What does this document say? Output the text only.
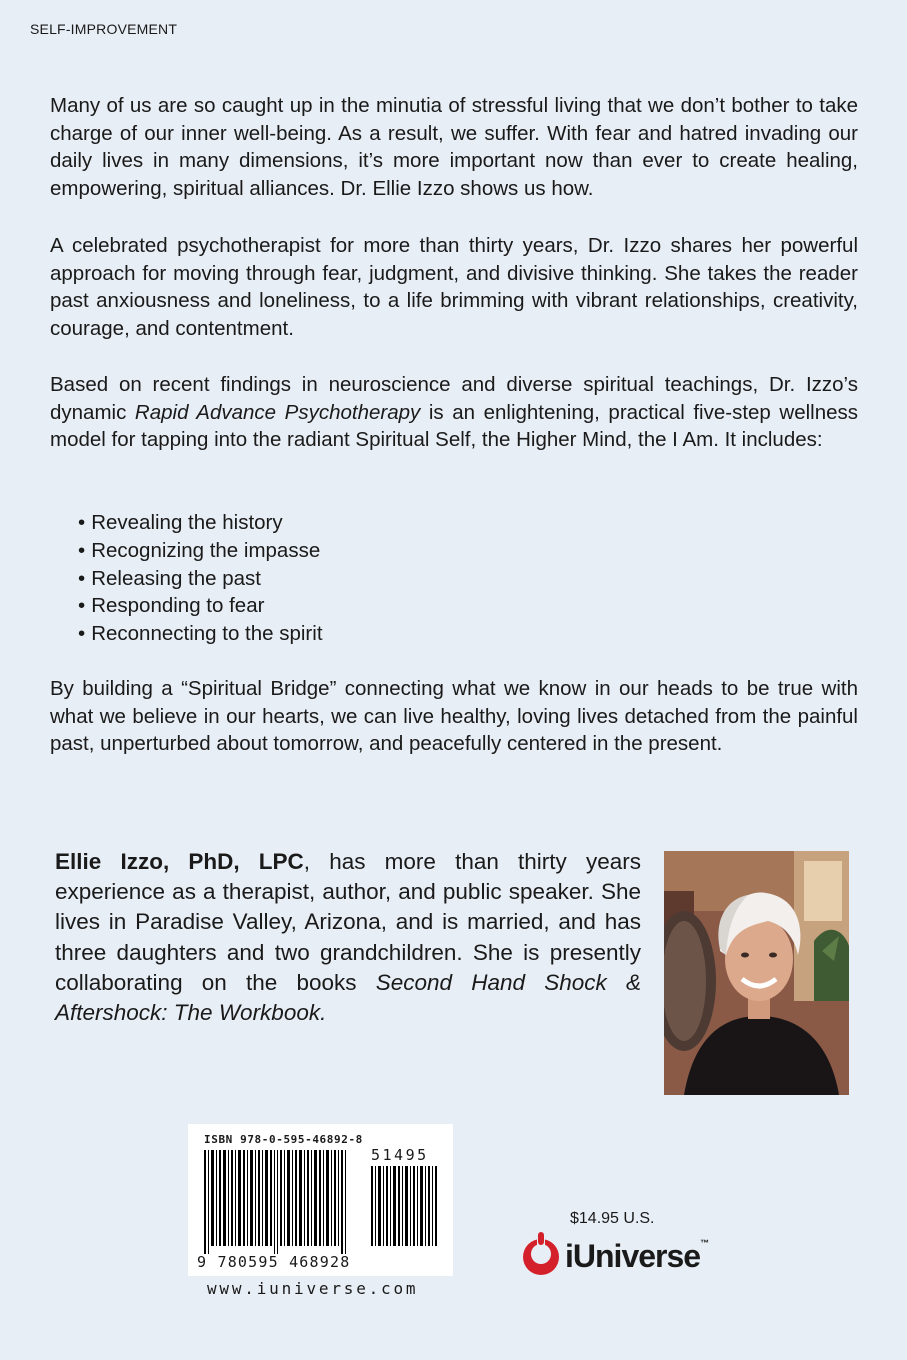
SELF-IMPROVEMENT
Many of us are so caught up in the minutia of stressful living that we don’t bother to take charge of our inner well-being. As a result, we suffer. With fear and hatred invading our daily lives in many dimensions, it’s more important now than ever to create healing, empowering, spiritual alliances. Dr. Ellie Izzo shows us how.
A celebrated psychotherapist for more than thirty years, Dr. Izzo shares her powerful approach for moving through fear, judgment, and divisive thinking. She takes the reader past anxiousness and loneliness, to a life brimming with vibrant relationships, creativity, courage, and contentment.
Based on recent findings in neuroscience and diverse spiritual teachings, Dr. Izzo’s dynamic Rapid Advance Psychotherapy is an enlightening, practical five-step wellness model for tapping into the radiant Spiritual Self, the Higher Mind, the I Am. It includes:
• Revealing the history
• Recognizing the impasse
• Releasing the past
• Responding to fear
• Reconnecting to the spirit
By building a “Spiritual Bridge” connecting what we know in our heads to be true with what we believe in our hearts, we can live healthy, loving lives detached from the painful past, unperturbed about tomorrow, and peacefully centered in the present.
Ellie Izzo, PhD, LPC, has more than thirty years experience as a therapist, author, and public speaker. She lives in Paradise Valley, Arizona, and is married, and has three daughters and two grandchildren. She is presently collaborating on the books Second Hand Shock & Aftershock: The Workbook.
ISBN 978-0-595-46892-8
51495
9 780595 468928
www.iuniverse.com
$14.95 U.S.
iUniverse™
